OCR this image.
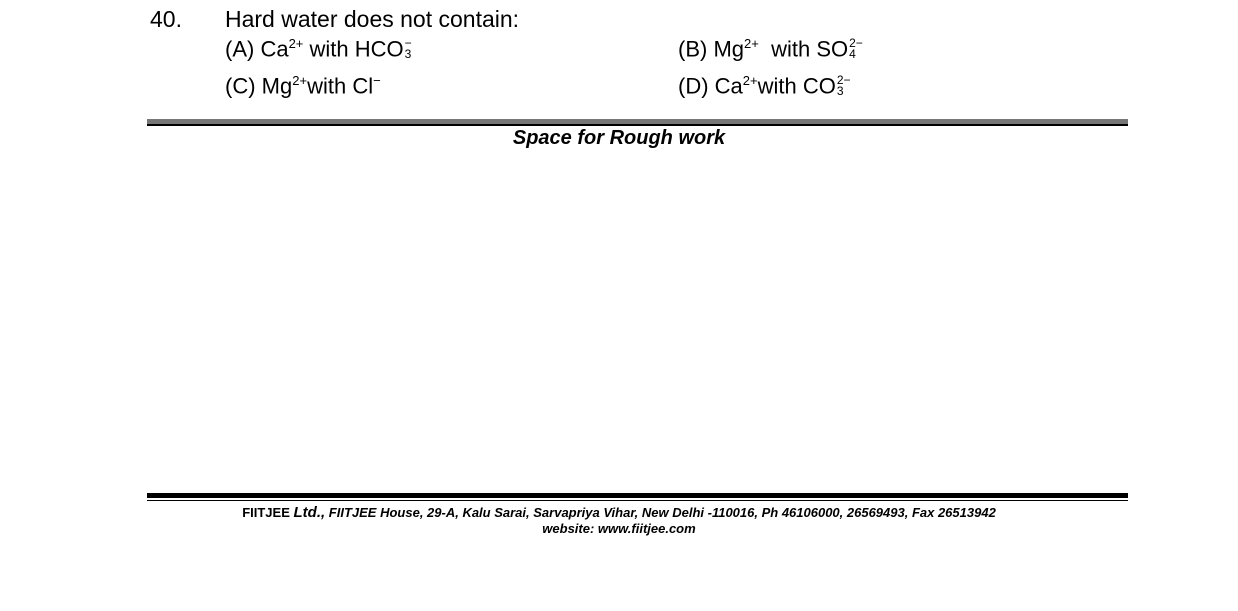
40. Hard water does not contain:
(A) $Ca^{2+}$ with HCO −
3	(B) $Mg^{2+}$ with SO 2−
4
(C) $Mg^{2+}with$ Cl−	(D) $Ca^{2+}with$ CO 2−
3
Space for Rough work
FIITJEE Ltd., FIITJEE House, 29-A, Kalu Sarai, Sarvapriya Vihar, New Delhi -110016, Ph 46106000, 26569493, Fax 26513942
website: www.fiitjee.com
